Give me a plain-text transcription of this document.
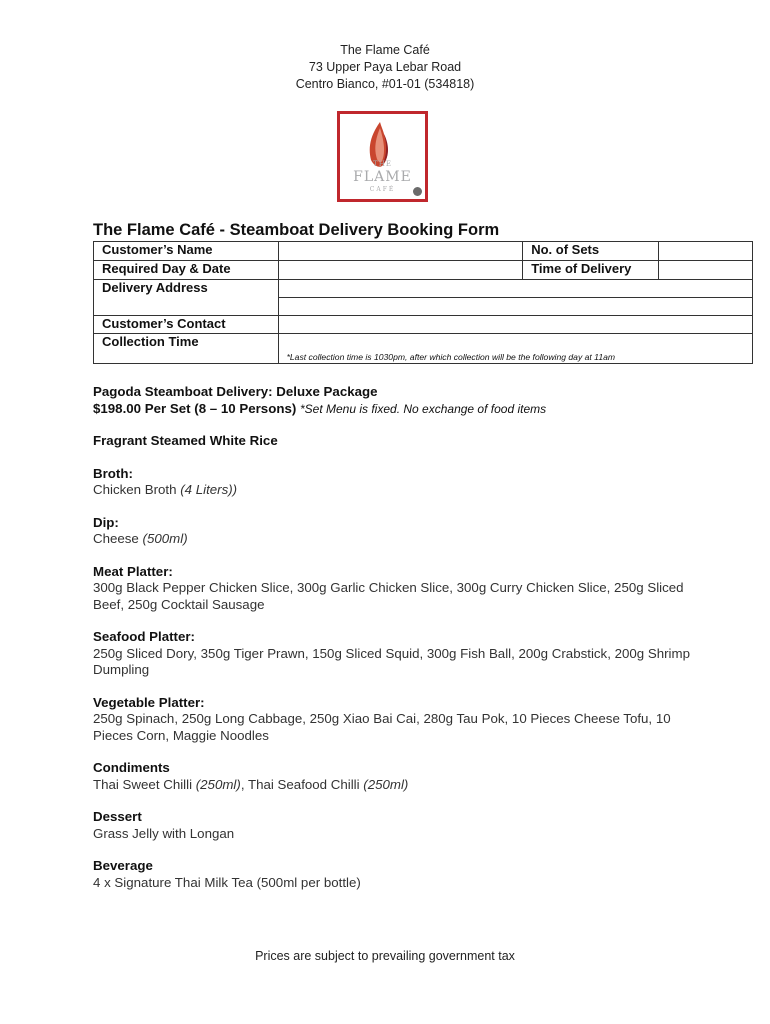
The Flame Café
73 Upper Paya Lebar Road
Centro Bianco, #01-01 (534818)
THE
FLAME
CAFÉ
The Flame Café - Steamboat Delivery Booking Form
Customer’s Name		No. of Sets	
Required Day & Date		Time of Delivery	
Delivery Address			

Customer’s Contact			
Collection Time	*Last collection time is 1030pm, after which collection will be the following day at 11am		
Pagoda Steamboat Delivery: Deluxe Package
$198.00 Per Set (8 – 10 Persons) *Set Menu is fixed. No exchange of food items
Fragrant Steamed White Rice
Broth:
Chicken Broth (4 Liters))
Dip:
Cheese (500ml)
Meat Platter:
300g Black Pepper Chicken Slice, 300g Garlic Chicken Slice, 300g Curry Chicken Slice, 250g Sliced Beef, 250g Cocktail Sausage
Seafood Platter:
250g Sliced Dory, 350g Tiger Prawn, 150g Sliced Squid, 300g Fish Ball, 200g Crabstick, 200g Shrimp Dumpling
Vegetable Platter:
250g Spinach, 250g Long Cabbage, 250g Xiao Bai Cai, 280g Tau Pok, 10 Pieces Cheese Tofu, 10 Pieces Corn, Maggie Noodles
Condiments
Thai Sweet Chilli (250ml), Thai Seafood Chilli (250ml)
Dessert
Grass Jelly with Longan
Beverage
4 x Signature Thai Milk Tea (500ml per bottle)
Prices are subject to prevailing government tax
